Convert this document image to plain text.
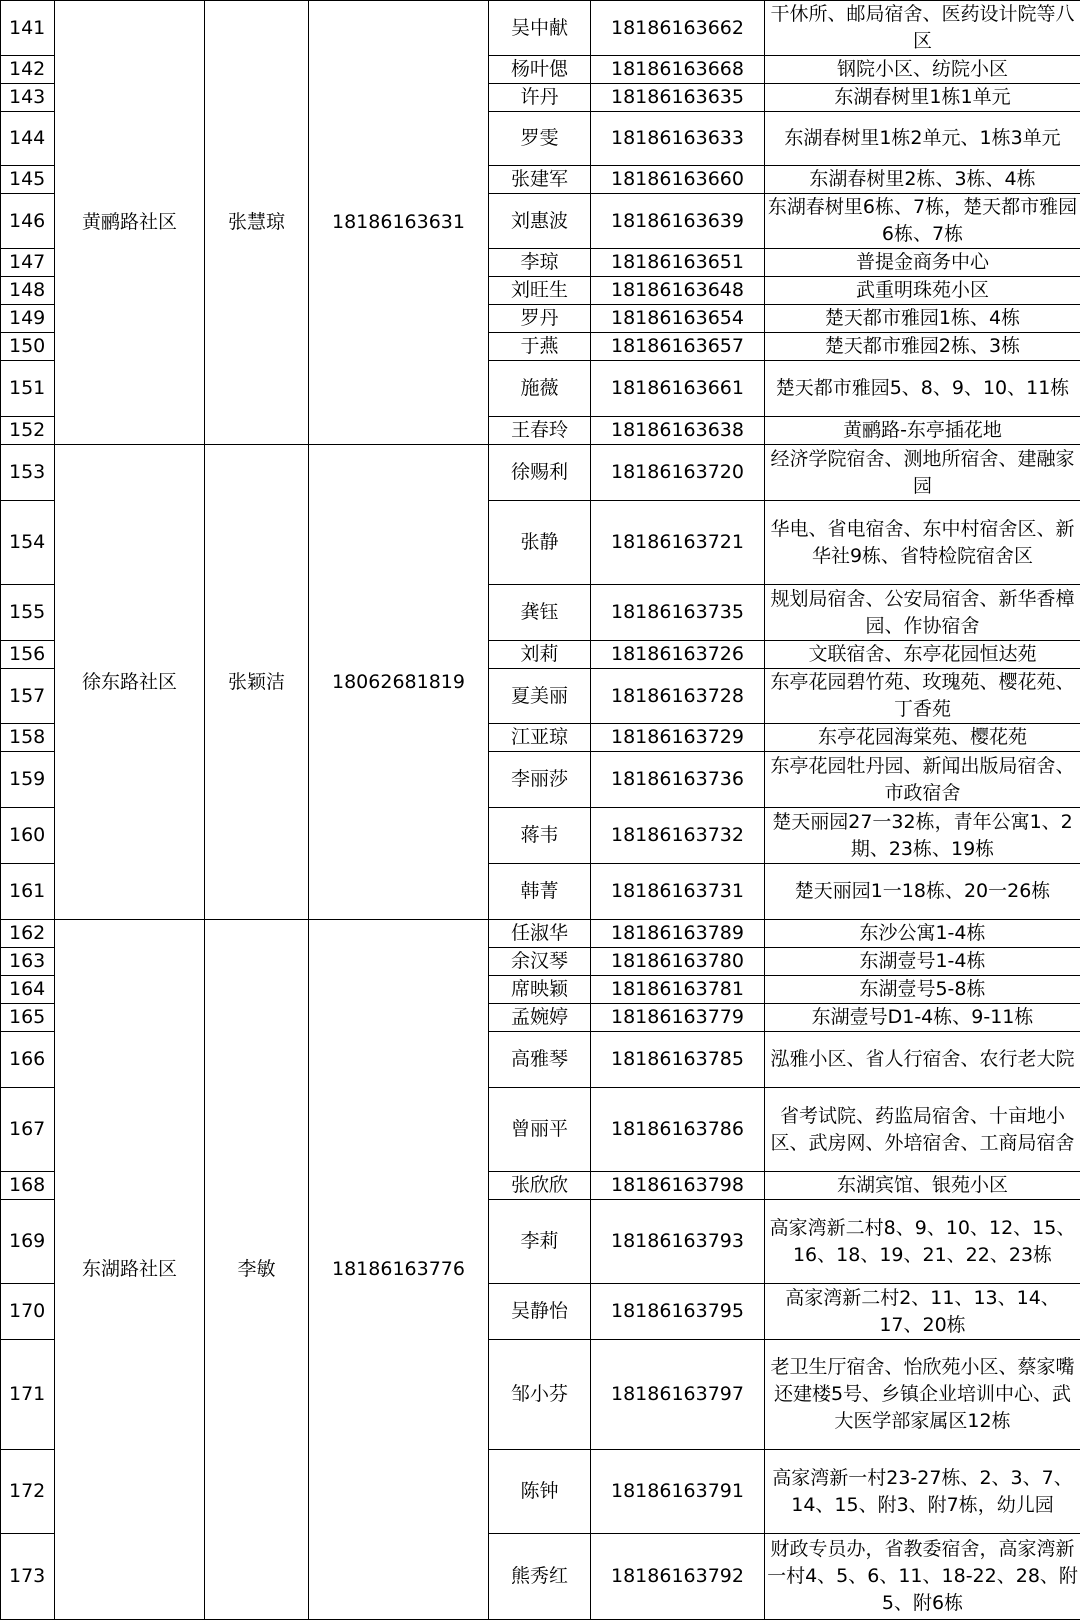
141	黄鹂路社区	张慧琼	18186163631	吴中献	18186163662	干休所、邮局宿舍、医药设计院等八区
142				杨叶偲	18186163668	钢院小区、纺院小区
143				许丹	18186163635	东湖春树里1栋1单元
144				罗雯	18186163633	东湖春树里1栋2单元、1栋3单元
145				张建军	18186163660	东湖春树里2栋、3栋、4栋
146				刘惠波	18186163639	东湖春树里6栋、7栋，楚天都市雅园6栋、7栋
147				李琼	18186163651	普提金商务中心
148				刘旺生	18186163648	武重明珠苑小区
149				罗丹	18186163654	楚天都市雅园1栋、4栋
150				于燕	18186163657	楚天都市雅园2栋、3栋
151				施薇	18186163661	楚天都市雅园5、8、9、10、11栋
152				王春玲	18186163638	黄鹂路-东亭插花地
153	徐东路社区	张颖洁	18062681819	徐赐利	18186163720	经济学院宿舍、测地所宿舍、建融家园
154				张静	18186163721	华电、省电宿舍、东中村宿舍区、新华社9栋、省特检院宿舍区
155				龚钰	18186163735	规划局宿舍、公安局宿舍、新华香樟园、作协宿舍
156				刘莉	18186163726	文联宿舍、东亭花园恒达苑
157				夏美丽	18186163728	东亭花园碧竹苑、玫瑰苑、樱花苑、丁香苑
158				江亚琼	18186163729	东亭花园海棠苑、樱花苑
159				李丽莎	18186163736	东亭花园牡丹园、新闻出版局宿舍、市政宿舍
160				蒋韦	18186163732	楚天丽园27一32栋，青年公寓1、2期、23栋、19栋
161				韩菁	18186163731	楚天丽园1一18栋、20一26栋
162	东湖路社区	李敏	18186163776	任淑华	18186163789	东沙公寓1-4栋
163				余汉琴	18186163780	东湖壹号1-4栋
164				席映颖	18186163781	东湖壹号5-8栋
165				孟婉婷	18186163779	东湖壹号D1-4栋、9-11栋
166				高雅琴	18186163785	泓雅小区、省人行宿舍、农行老大院
167				曾丽平	18186163786	省考试院、药监局宿舍、十亩地小区、武房网、外培宿舍、工商局宿舍
168				张欣欣	18186163798	东湖宾馆、银苑小区
169				李莉	18186163793	高家湾新二村8、9、10、12、15、16、18、19、21、22、23栋
170				吴静怡	18186163795	高家湾新二村2、11、13、14、17、20栋
171				邹小芬	18186163797	老卫生厅宿舍、怡欣苑小区、蔡家嘴还建楼5号、乡镇企业培训中心、武大医学部家属区12栋
172				陈钟	18186163791	高家湾新一村23-27栋、2、3、7、14、15、附3、附7栋，幼儿园
173				熊秀红	18186163792	财政专员办，省教委宿舍，高家湾新一村4、5、6、11、18-22、28、附5、附6栋
